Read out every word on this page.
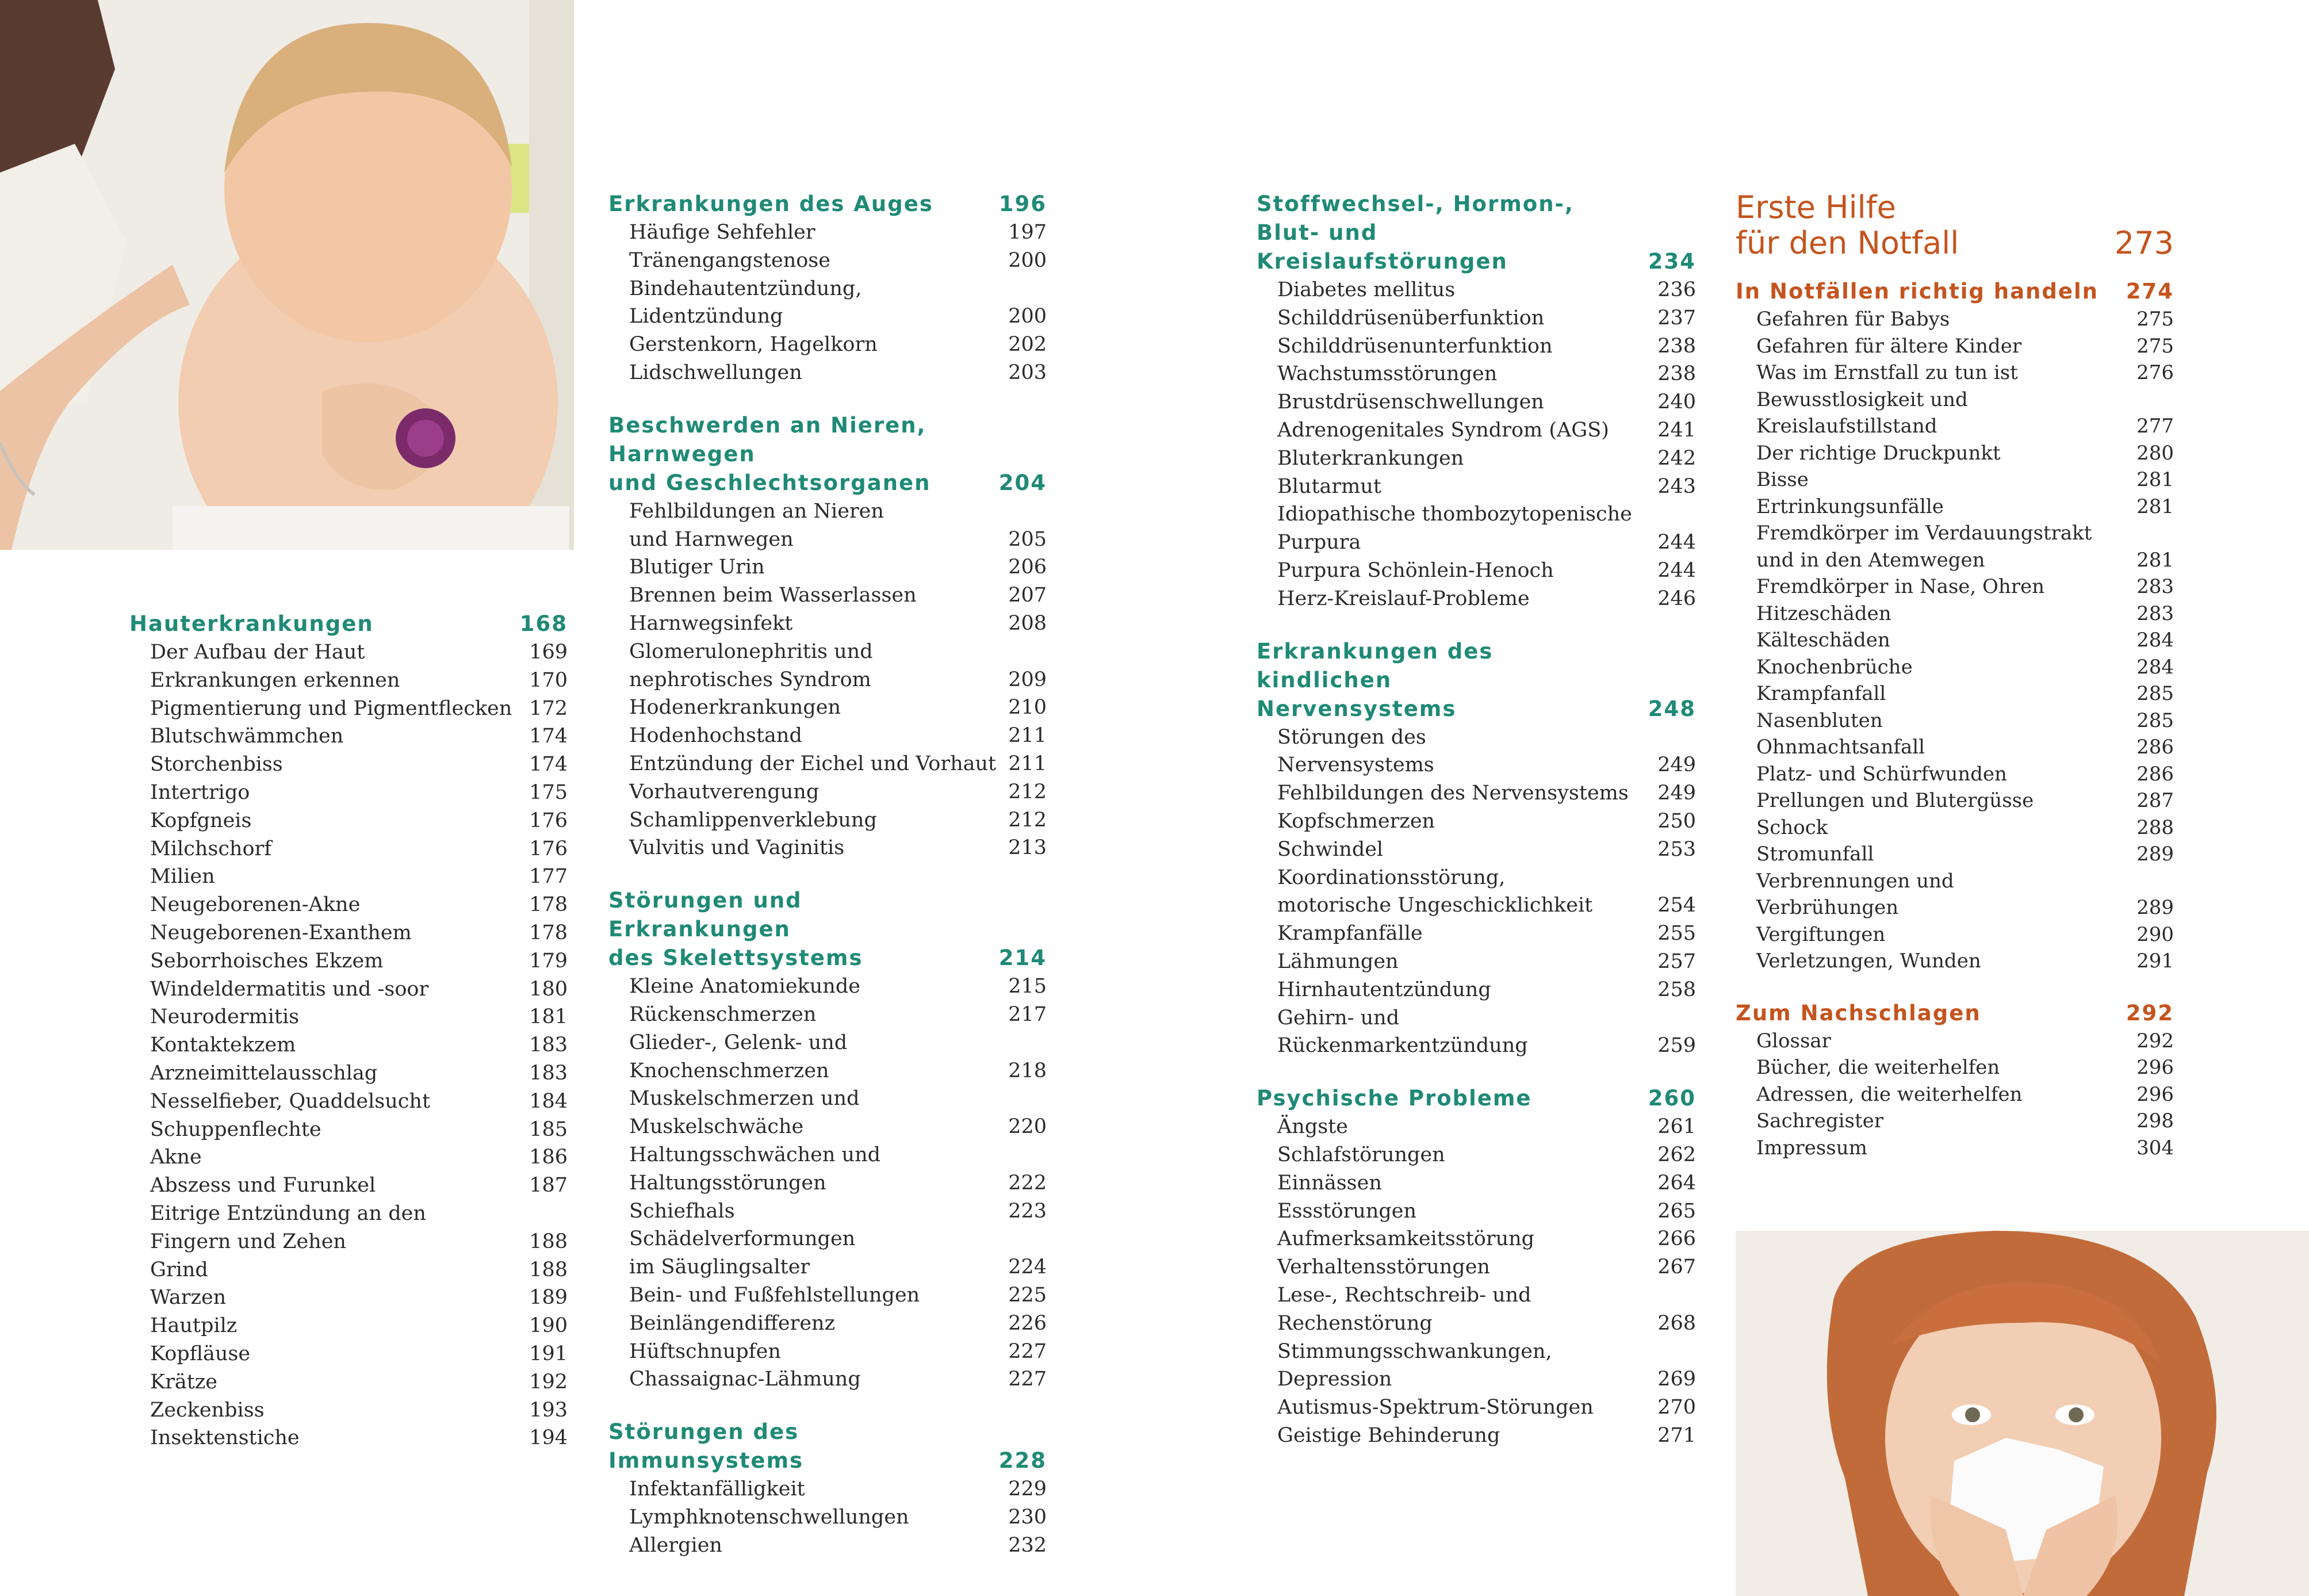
Hauterkrankungen	168
Der Aufbau der Haut	169
Erkrankungen erkennen	170
Pigmentierung und Pigmentflecken 172
Blutschwämmchen	174
Storchenbiss	174
Intertrigo	175
Kopfgneis	176
Milchschorf	176
Milien	177
Neugeborenen-Akne	178
Neugeborenen-Exanthem	178
Seborrhoisches Ekzem	179
Windeldermatitis und -soor	180
Neurodermitis	181
Kontaktekzem	183
Arzneimittelausschlag	183
Nesselfieber, Quaddelsucht	184
Schuppenflechte	185
Akne	186
Abszess und Furunkel	187
Eitrige Entzündung an den
Fingern und Zehen	188
Grind	188
Warzen	189
Hautpilz	190
Kopfläuse	191
Krätze	192
Zeckenbiss	193
Insektenstiche	194
Erkrankungen des Auges	196
Häufige Sehfehler	197
Tränengangstenose	200
Bindehautentzündung,
Lidentzündung	200
Gerstenkorn, Hagelkorn	202
Lidschwellungen	203
Beschwerden an Nieren, Harnwegen
und Geschlechtsorganen	204
Fehlbildungen an Nieren
und Harnwegen	205
Blutiger Urin	206
Brennen beim Wasserlassen	207
Harnwegsinfekt	208
Glomerulonephritis und
nephrotisches Syndrom	209
Hodenerkrankungen	210
Hodenhochstand	211
Entzündung der Eichel und Vorhaut 211
Vorhautverengung	212
Schamlippenverklebung	212
Vulvitis und Vaginitis	213
Störungen und Erkrankungen
des Skelettsystems	214
Kleine Anatomiekunde	215
Rückenschmerzen	217
Glieder-, Gelenk- und
Knochenschmerzen	218
Muskelschmerzen und
Muskelschwäche	220
Haltungsschwächen und
Haltungsstörungen	222
Schiefhals	223
Schädelverformungen
im Säuglingsalter	224
Bein- und Fußfehlstellungen	225
Beinlängendifferenz	226
Hüftschnupfen	227
Chassaignac-Lähmung	227
Störungen des Immunsystems	228
Infektanfälligkeit	229
Lymphknotenschwellungen	230
Allergien	232
Stoffwechsel-, Hormon-,
Blut- und Kreislaufstörungen	234
Diabetes mellitus	236
Schilddrüsenüberfunktion	237
Schilddrüsenunterfunktion	238
Wachstumsstörungen	238
Brustdrüsenschwellungen	240
Adrenogenitales Syndrom (AGS)	241
Bluterkrankungen	242
Blutarmut	243
Idiopathische thombozytopenische
Purpura	244
Purpura Schönlein-Henoch	244
Herz-Kreislauf-Probleme	246
Erkrankungen des kindlichen
Nervensystems	248
Störungen des
Nervensystems	249
Fehlbildungen des Nervensystems	249
Kopfschmerzen	250
Schwindel	253
Koordinationsstörung,
motorische Ungeschicklichkeit	254
Krampfanfälle	255
Lähmungen	257
Hirnhautentzündung	258
Gehirn- und
Rückenmarkentzündung	259
Psychische Probleme	260
Ängste	261
Schlafstörungen	262
Einnässen	264
Essstörungen	265
Aufmerksamkeitsstörung	266
Verhaltensstörungen	267
Lese-, Rechtschreib- und
Rechenstörung	268
Stimmungsschwankungen,
Depression	269
Autismus-Spektrum-Störungen	270
Geistige Behinderung	271
Erste Hilfe
für den Notfall	273
In Notfällen richtig handeln	274
Gefahren für Babys	275
Gefahren für ältere Kinder	275
Was im Ernstfall zu tun ist	276
Bewusstlosigkeit und
Kreislaufstillstand	277
Der richtige Druckpunkt	280
Bisse	281
Ertrinkungsunfälle	281
Fremdkörper im Verdauungstrakt
und in den Atemwegen	281
Fremdkörper in Nase, Ohren	283
Hitzeschäden	283
Kälteschäden	284
Knochenbrüche	284
Krampfanfall	285
Nasenbluten	285
Ohnmachtsanfall	286
Platz- und Schürfwunden	286
Prellungen und Blutergüsse	287
Schock	288
Stromunfall	289
Verbrennungen und
Verbrühungen	289
Vergiftungen	290
Verletzungen, Wunden	291
Zum Nachschlagen	292
Glossar	292
Bücher, die weiterhelfen	296
Adressen, die weiterhelfen	296
Sachregister	298
Impressum	304
